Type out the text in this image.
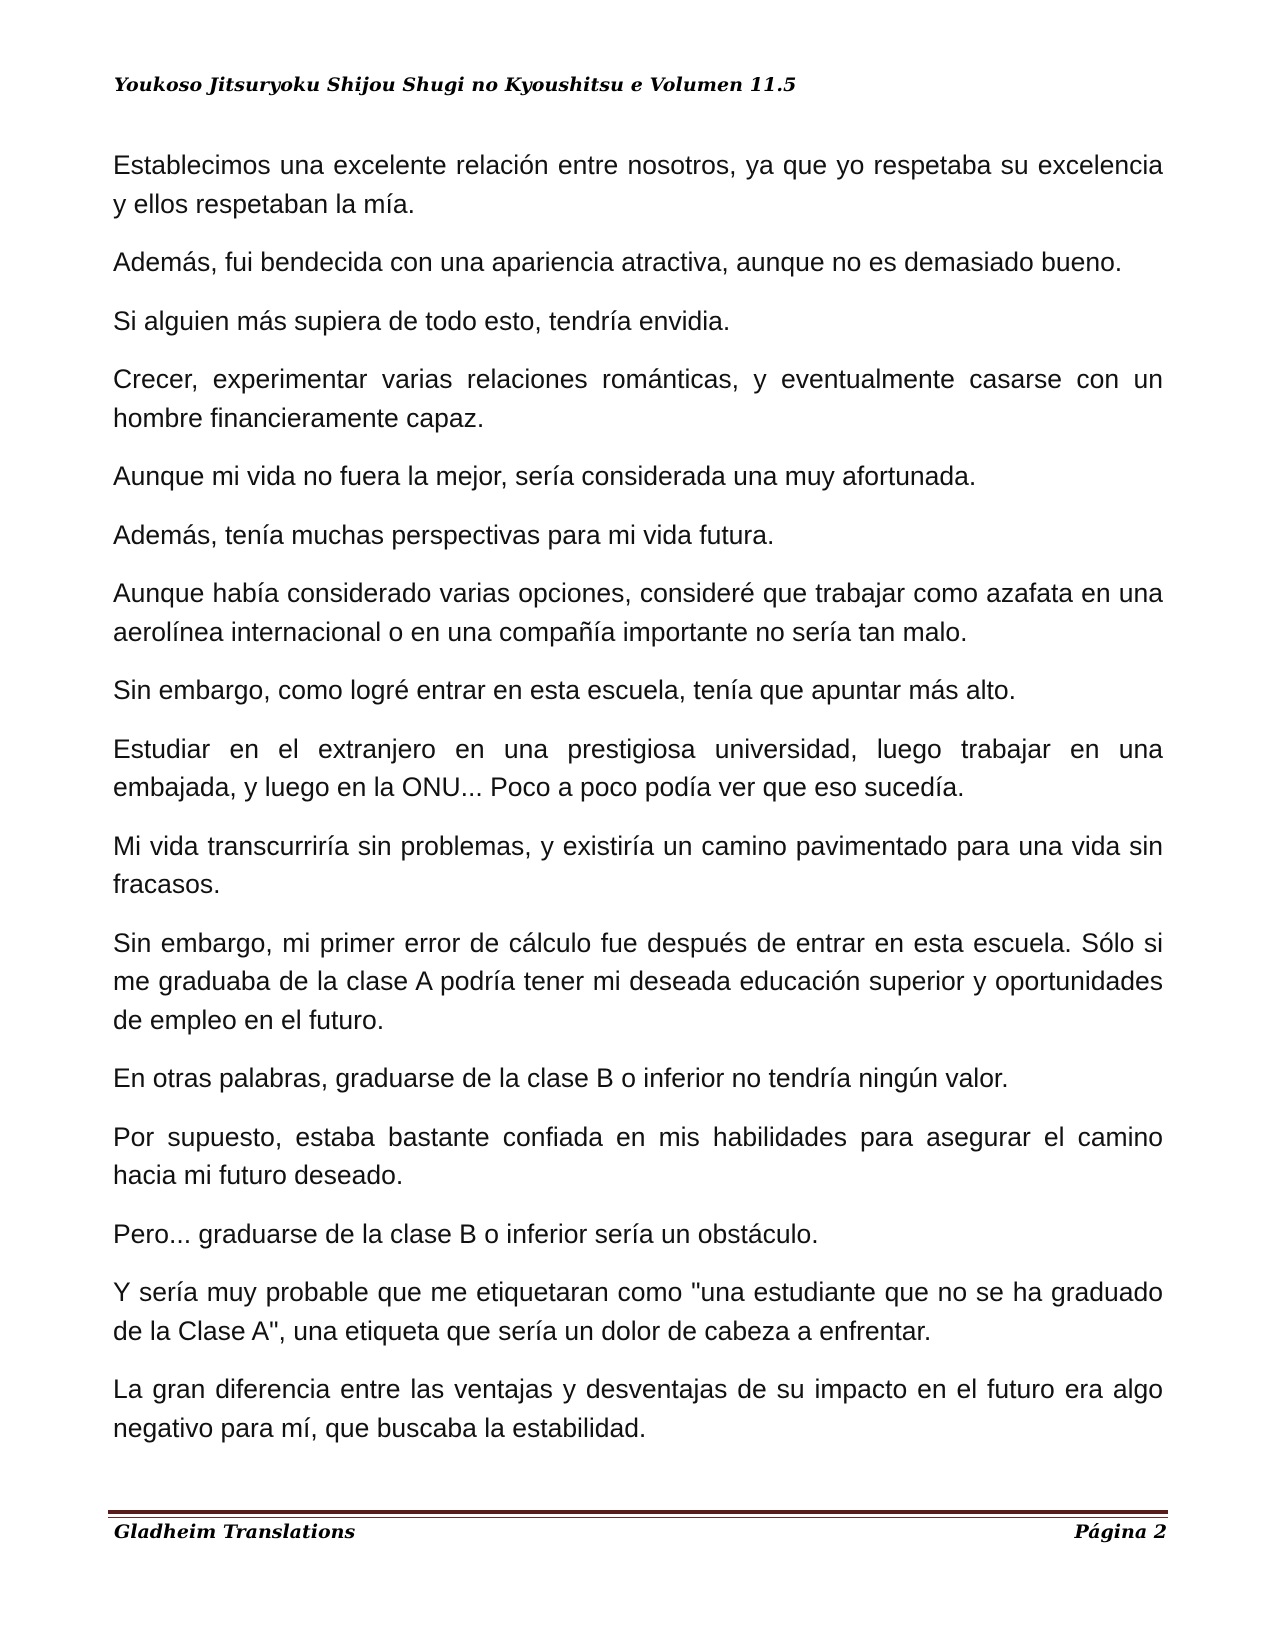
Youkoso Jitsuryoku Shijou Shugi no Kyoushitsu e Volumen 11.5

Establecimos una excelente relación entre nosotros, ya que yo respetaba su excelencia y ellos respetaban la mía.

Además, fui bendecida con una apariencia atractiva, aunque no es demasiado bueno.

Si alguien más supiera de todo esto, tendría envidia.

Crecer, experimentar varias relaciones románticas, y eventualmente casarse con un hombre financieramente capaz.

Aunque mi vida no fuera la mejor, sería considerada una muy afortunada.

Además, tenía muchas perspectivas para mi vida futura.

Aunque había considerado varias opciones, consideré que trabajar como azafata en una aerolínea internacional o en una compañía importante no sería tan malo.

Sin embargo, como logré entrar en esta escuela, tenía que apuntar más alto.

Estudiar en el extranjero en una prestigiosa universidad, luego trabajar en una embajada, y luego en la ONU... Poco a poco podía ver que eso sucedía.

Mi vida transcurriría sin problemas, y existiría un camino pavimentado para una vida sin fracasos.

Sin embargo, mi primer error de cálculo fue después de entrar en esta escuela. Sólo si me graduaba de la clase A podría tener mi deseada educación superior y oportunidades de empleo en el futuro.

En otras palabras, graduarse de la clase B o inferior no tendría ningún valor.

Por supuesto, estaba bastante confiada en mis habilidades para asegurar el camino hacia mi futuro deseado.

Pero... graduarse de la clase B o inferior sería un obstáculo.

Y sería muy probable que me etiquetaran como "una estudiante que no se ha graduado de la Clase A", una etiqueta que sería un dolor de cabeza a enfrentar.

La gran diferencia entre las ventajas y desventajas de su impacto en el futuro era algo negativo para mí, que buscaba la estabilidad.

Gladheim Translations	Página 2
